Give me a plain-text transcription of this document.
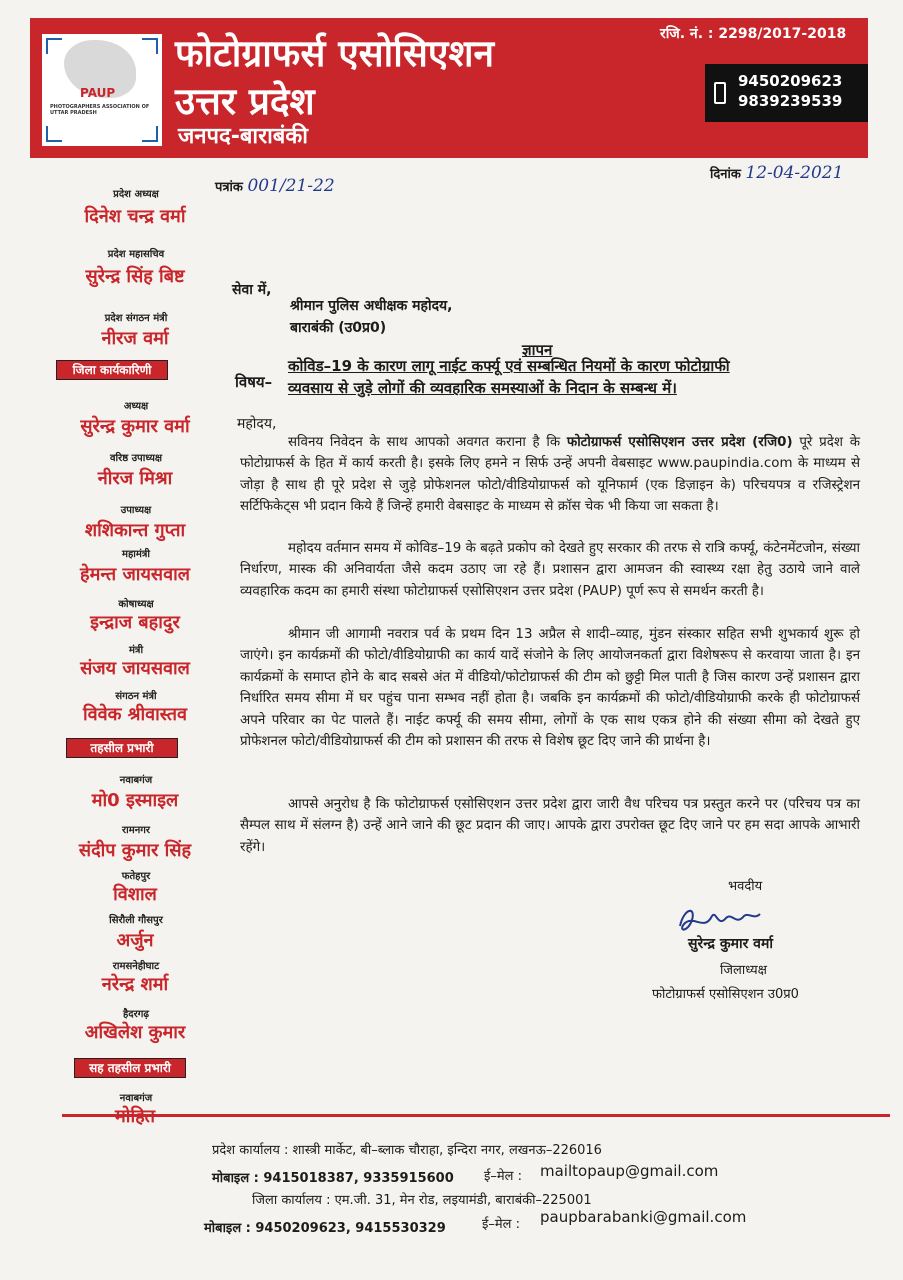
PAUP
PHOTOGRAPHERS ASSOCIATION OF UTTAR PRADESH
फोटोग्राफर्स एसोसिएशन
उत्तर प्रदेश
जनपद-बाराबंकी
रजि. नं. : 2298/2017-2018
9450209623
9839239539
प्रदेश अध्यक्ष
दिनेश चन्द्र वर्मा
प्रदेश महासचिव
सुरेन्द्र सिंह बिष्ट
प्रदेश संगठन मंत्री
नीरज वर्मा
जिला कार्यकारिणी
अध्यक्ष
सुरेन्द्र कुमार वर्मा
वरिष्ठ उपाध्यक्ष
नीरज मिश्रा
उपाध्यक्ष
शशिकान्त गुप्ता
महामंत्री
हेमन्त जायसवाल
कोषाध्यक्ष
इन्द्राज बहादुर
मंत्री
संजय जायसवाल
संगठन मंत्री
विवेक श्रीवास्तव
तहसील प्रभारी
नवाबगंज
मो0 इस्माइल
रामनगर
संदीप कुमार सिंह
फतेहपुर
विशाल
सिरौली गौसपुर
अर्जुन
रामसनेहीघाट
नरेन्द्र शर्मा
हैदरगढ़
अखिलेश कुमार
सह तहसील प्रभारी
नवाबगंज
पत्रांक 001/21-22
दिनांक 12-04-2021
सेवा में,
श्रीमान पुलिस अधीक्षक महोदय,
बाराबंकी (उ0प्र0)
ज्ञापन
विषय–
कोविड–19 के कारण लागू नाईट कर्फ्यू एवं सम्बन्धित नियमों के कारण फोटोग्राफी
व्यवसाय से जुड़े लोगों की व्यवहारिक समस्याओं के निदान के सम्बन्ध में।
महोदय,
सविनय निवेदन के साथ आपको अवगत कराना है कि फोटोग्राफर्स एसोसिएशन उत्तर प्रदेश (रजि0) पूरे प्रदेश के फोटोग्राफर्स के हित में कार्य करती है। इसके लिए हमने न सिर्फ उन्हें अपनी वेबसाइट www.paupindia.com के माध्यम से जोड़ा है साथ ही पूरे प्रदेश से जुड़े प्रोफेशनल फोटो/वीडियोग्राफर्स को यूनिफार्म (एक डिज़ाइन के) परिचयपत्र व रजिस्ट्रेशन सर्टिफिकेट्स भी प्रदान किये हैं जिन्हें हमारी वेबसाइट के माध्यम से क्रॉस चेक भी किया जा सकता है।
महोदय वर्तमान समय में कोविड–19 के बढ़ते प्रकोप को देखते हुए सरकार की तरफ से रात्रि कर्फ्यू, कंटेनमेंटजोन, संख्या निर्धारण, मास्क की अनिवार्यता जैसे कदम उठाए जा रहे हैं। प्रशासन द्वारा आमजन की स्वास्थ्य रक्षा हेतु उठाये जाने वाले व्यवहारिक कदम का हमारी संस्था फोटोग्राफर्स एसोसिएशन उत्तर प्रदेश (PAUP) पूर्ण रूप से समर्थन करती है।
श्रीमान जी आगामी नवरात्र पर्व के प्रथम दिन 13 अप्रैल से शादी–व्याह, मुंडन संस्कार सहित सभी शुभकार्य शुरू हो जाएंगे। इन कार्यक्रमों की फोटो/वीडियोग्राफी का कार्य यादें संजोने के लिए आयोजनकर्ता द्वारा विशेषरूप से करवाया जाता है। इन कार्यक्रमों के समाप्त होने के बाद सबसे अंत में वीडियो/फोटोग्राफर्स की टीम को छुट्टी मिल पाती है जिस कारण उन्हें प्रशासन द्वारा निर्धारित समय सीमा में घर पहुंच पाना सम्भव नहीं होता है। जबकि इन कार्यक्रमों की फोटो/वीडियोग्राफी करके ही फोटोग्राफर्स अपने परिवार का पेट पालते हैं। नाईट कर्फ्यू की समय सीमा, लोगों के एक साथ एकत्र होने की संख्या सीमा को देखते हुए प्रोफेशनल फोटो/वीडियोग्राफर्स की टीम को प्रशासन की तरफ से विशेष छूट दिए जाने की प्रार्थना है।
आपसे अनुरोध है कि फोटोग्राफर्स एसोसिएशन उत्तर प्रदेश द्वारा जारी वैध परिचय पत्र प्रस्तुत करने पर (परिचय पत्र का सैम्पल साथ में संलग्न है) उन्हें आने जाने की छूट प्रदान की जाए। आपके द्वारा उपरोक्त छूट दिए जाने पर हम सदा आपके आभारी रहेंगे।
भवदीय
सुरेन्द्र कुमार वर्मा
जिलाध्यक्ष
फोटोग्राफर्स एसोसिएशन उ0प्र0
प्रदेश कार्यालय : शास्त्री मार्केट, बी–ब्लाक चौराहा, इन्दिरा नगर, लखनऊ–226016
मोबाइल : 9415018387, 9335915600 ई–मेल : mailtopaup@gmail.com
जिला कार्यालय : एम.जी. 31, मेन रोड, लइयामंडी, बाराबंकी–225001
मोबाइल : 9450209623, 9415530329	ई–मेल : paupbarabanki@gmail.com
